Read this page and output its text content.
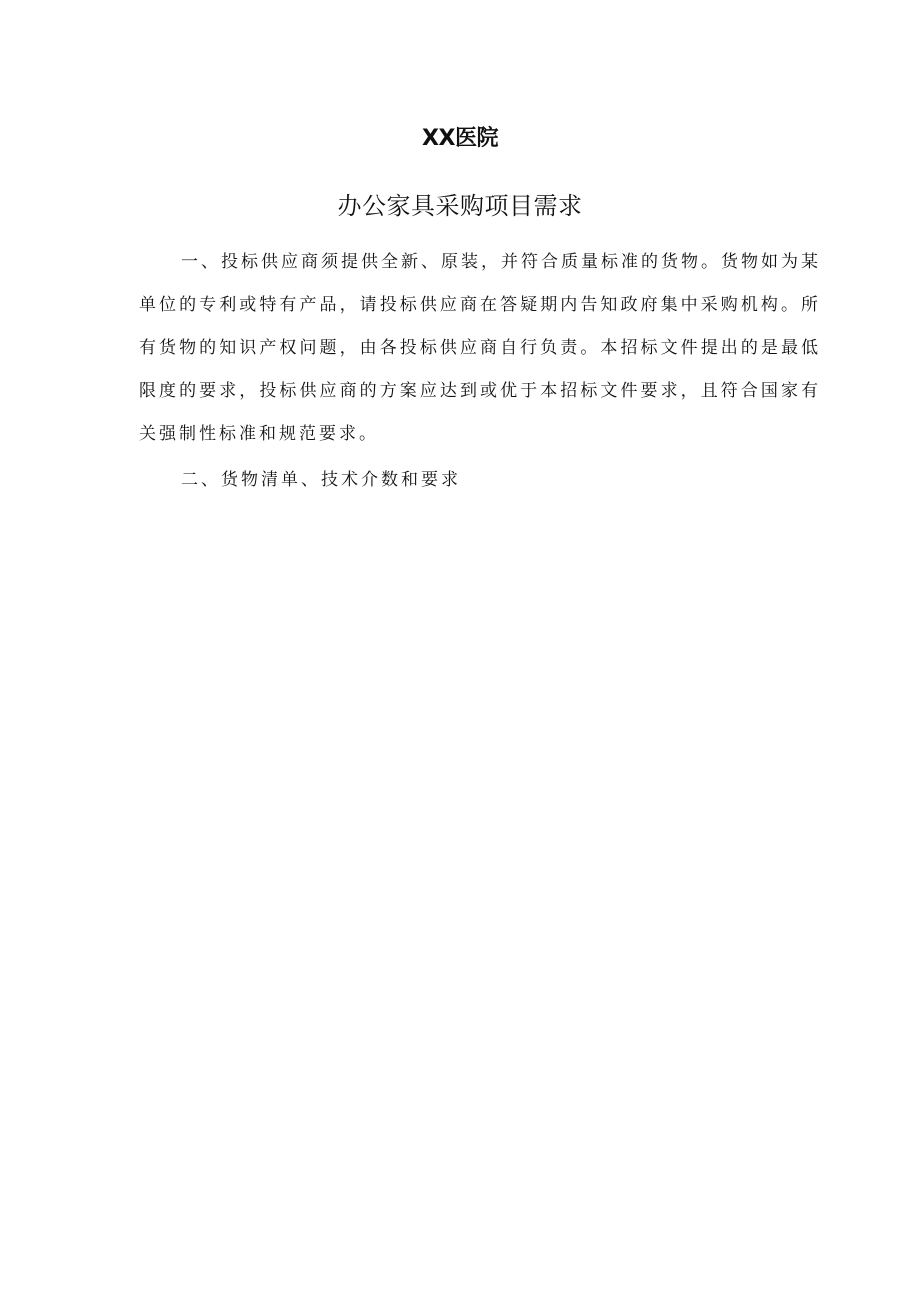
XX医院
办公家具采购项目需求

一、投标供应商须提供全新、原装，并符合质量标准的货物。货物如为某单位的专利或特有产品，请投标供应商在答疑期内告知政府集中采购机构。所有货物的知识产权问题，由各投标供应商自行负责。本招标文件提出的是最低限度的要求，投标供应商的方案应达到或优于本招标文件要求，且符合国家有关强制性标准和规范要求。

二、货物清单、技术介数和要求
